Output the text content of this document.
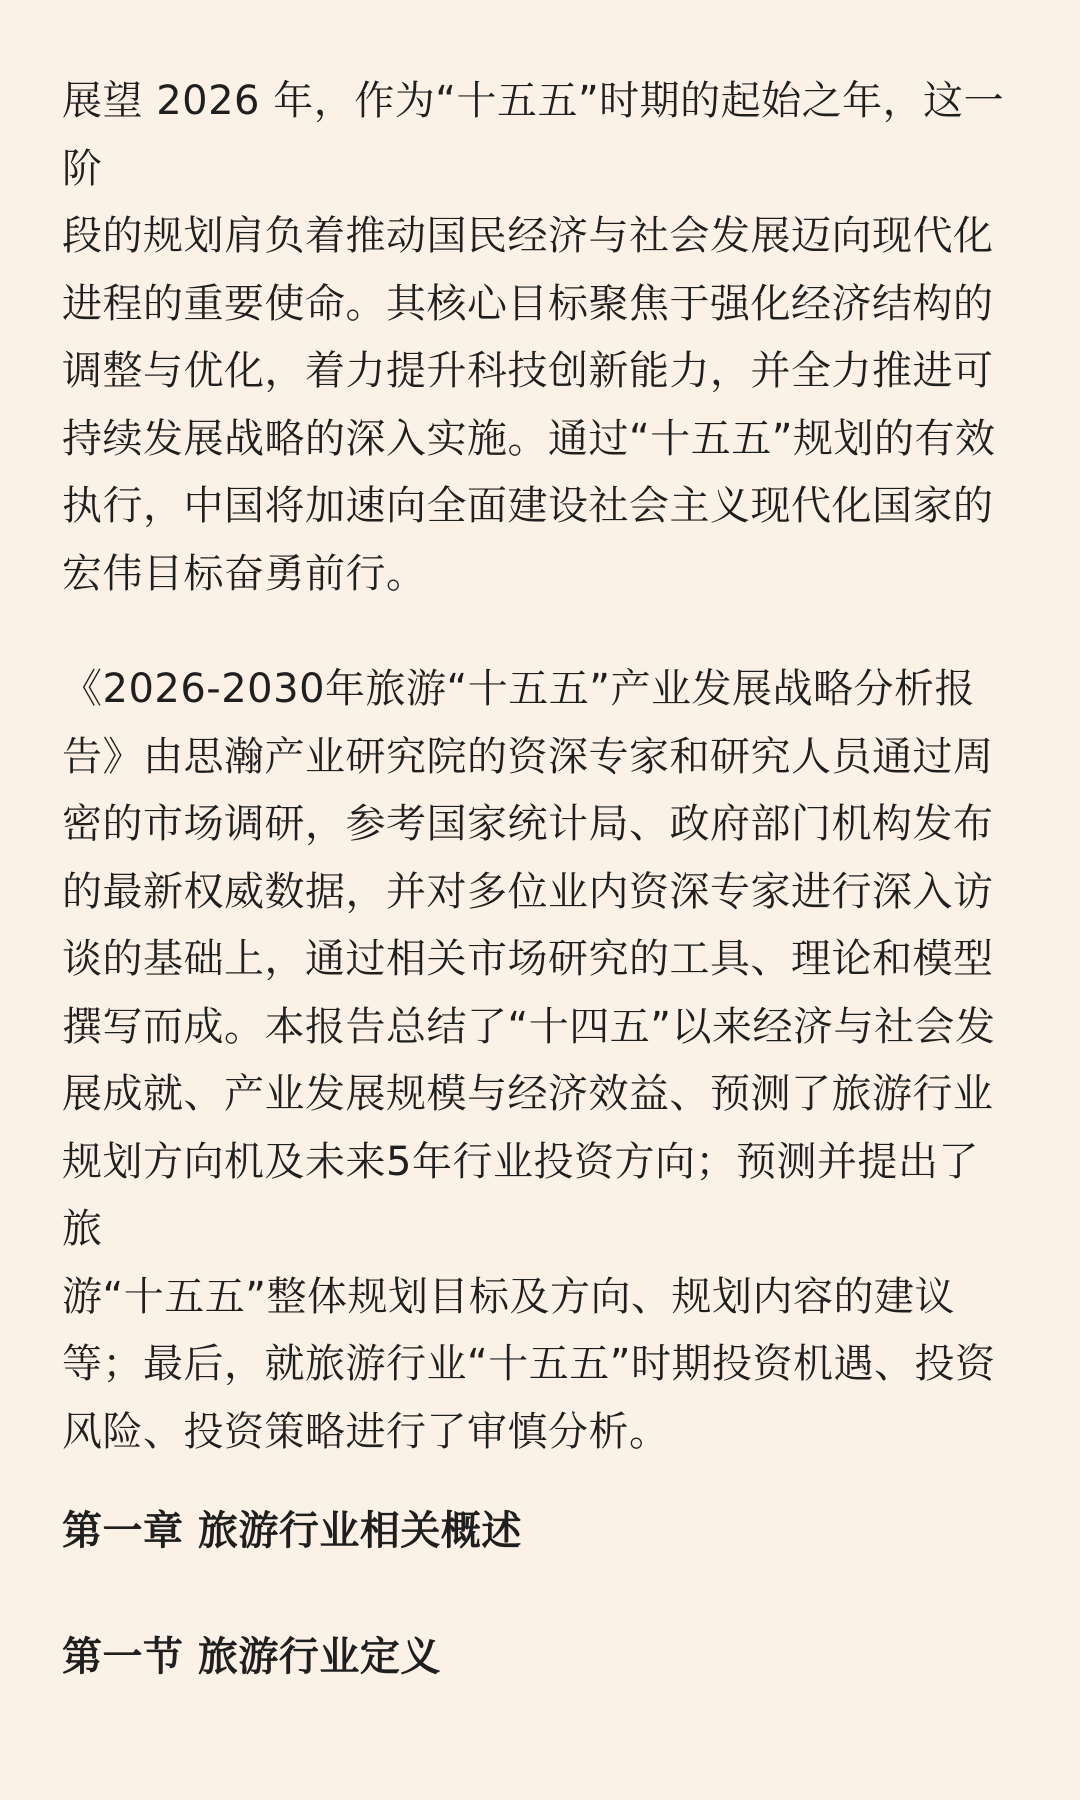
展望 2026 年，作为“十五五”时期的起始之年，这一阶
段的规划肩负着推动国民经济与社会发展迈向现代化
进程的重要使命。其核心目标聚焦于强化经济结构的
调整与优化，着力提升科技创新能力，并全力推进可
持续发展战略的深入实施。通过“十五五”规划的有效
执行，中国将加速向全面建设社会主义现代化国家的
宏伟目标奋勇前行。

《2026-2030年旅游“十五五”产业发展战略分析报
告》由思瀚产业研究院的资深专家和研究人员通过周
密的市场调研，参考国家统计局、政府部门机构发布
的最新权威数据，并对多位业内资深专家进行深入访
谈的基础上，通过相关市场研究的工具、理论和模型
撰写而成。本报告总结了“十四五”以来经济与社会发
展成就、产业发展规模与经济效益、预测了旅游行业
规划方向机及未来5年行业投资方向；预测并提出了旅
游“十五五”整体规划目标及方向、规划内容的建议
等；最后，就旅游行业“十五五”时期投资机遇、投资
风险、投资策略进行了审慎分析。

第一章 旅游行业相关概述
第一节 旅游行业定义
